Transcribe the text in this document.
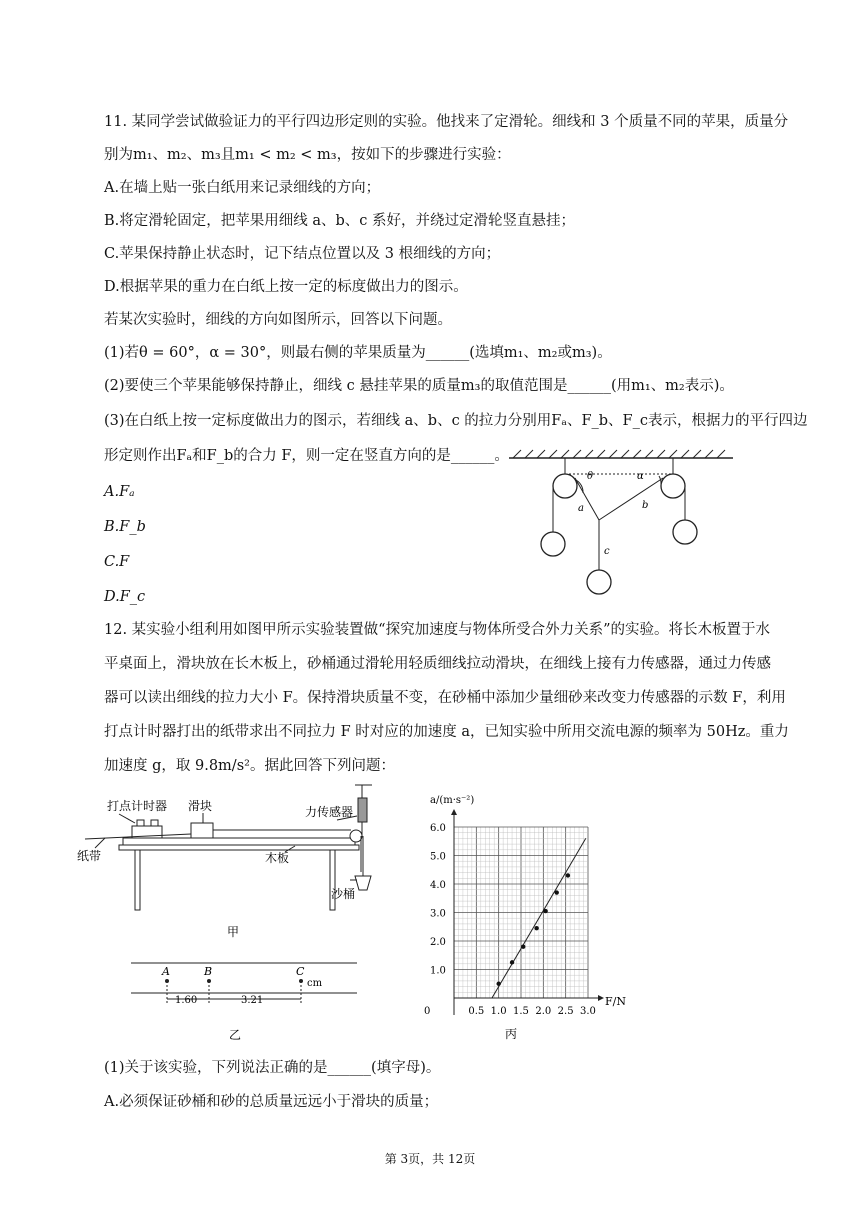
11. 某同学尝试做验证力的平行四边形定则的实验。他找来了定滑轮。细线和 3 个质量不同的苹果，质量分
别为m₁、m₂、m₃且m₁ < m₂ < m₃，按如下的步骤进行实验：
A.在墙上贴一张白纸用来记录细线的方向；
B.将定滑轮固定，把苹果用细线 a、b、c 系好，并绕过定滑轮竖直悬挂；
C.苹果保持静止状态时，记下结点位置以及 3 根细线的方向；
D.根据苹果的重力在白纸上按一定的标度做出力的图示。
若某次实验时，细线的方向如图所示，回答以下问题。
(1)若θ = 60°，α = 30°，则最右侧的苹果质量为______(选填m₁、m₂或m₃)。
(2)要使三个苹果能够保持静止，细线 c 悬挂苹果的质量m₃的取值范围是______(用m₁、m₂表示)。
(3)在白纸上按一定标度做出力的图示，若细线 a、b、c 的拉力分别用Fₐ、F_b、F_c表示，根据力的平行四边
形定则作出Fₐ和F_b的合力 F，则一定在竖直方向的是______。
A.Fₐ
B.F_b
C.F
D.F_c
θ	α
a	b
c
12. 某实验小组利用如图甲所示实验装置做“探究加速度与物体所受合外力关系”的实验。将长木板置于水
平桌面上，滑块放在长木板上，砂桶通过滑轮用轻质细线拉动滑块，在细线上接有力传感器，通过力传感
器可以读出细线的拉力大小 F。保持滑块质量不变，在砂桶中添加少量细砂来改变力传感器的示数 F，利用
打点计时器打出的纸带求出不同拉力 F 时对应的加速度 a，已知实验中所用交流电源的频率为 50Hz。重力
加速度 g，取 9.8m/s²。据此回答下列问题：
打点计时器 滑块	力传感器
纸带	木板
沙桶
甲
A	B	C
cm
1.60	3.21
乙
0	0.5 1.0 1.5 2.0 2.5 3.0
1.0
2.0
3.0
4.0
5.0
6.0
a/(m·s⁻²)
F/N
丙
(1)关于该实验，下列说法正确的是______(填字母)。
A.必须保证砂桶和砂的总质量远远小于滑块的质量；
第 3页，共 12页
